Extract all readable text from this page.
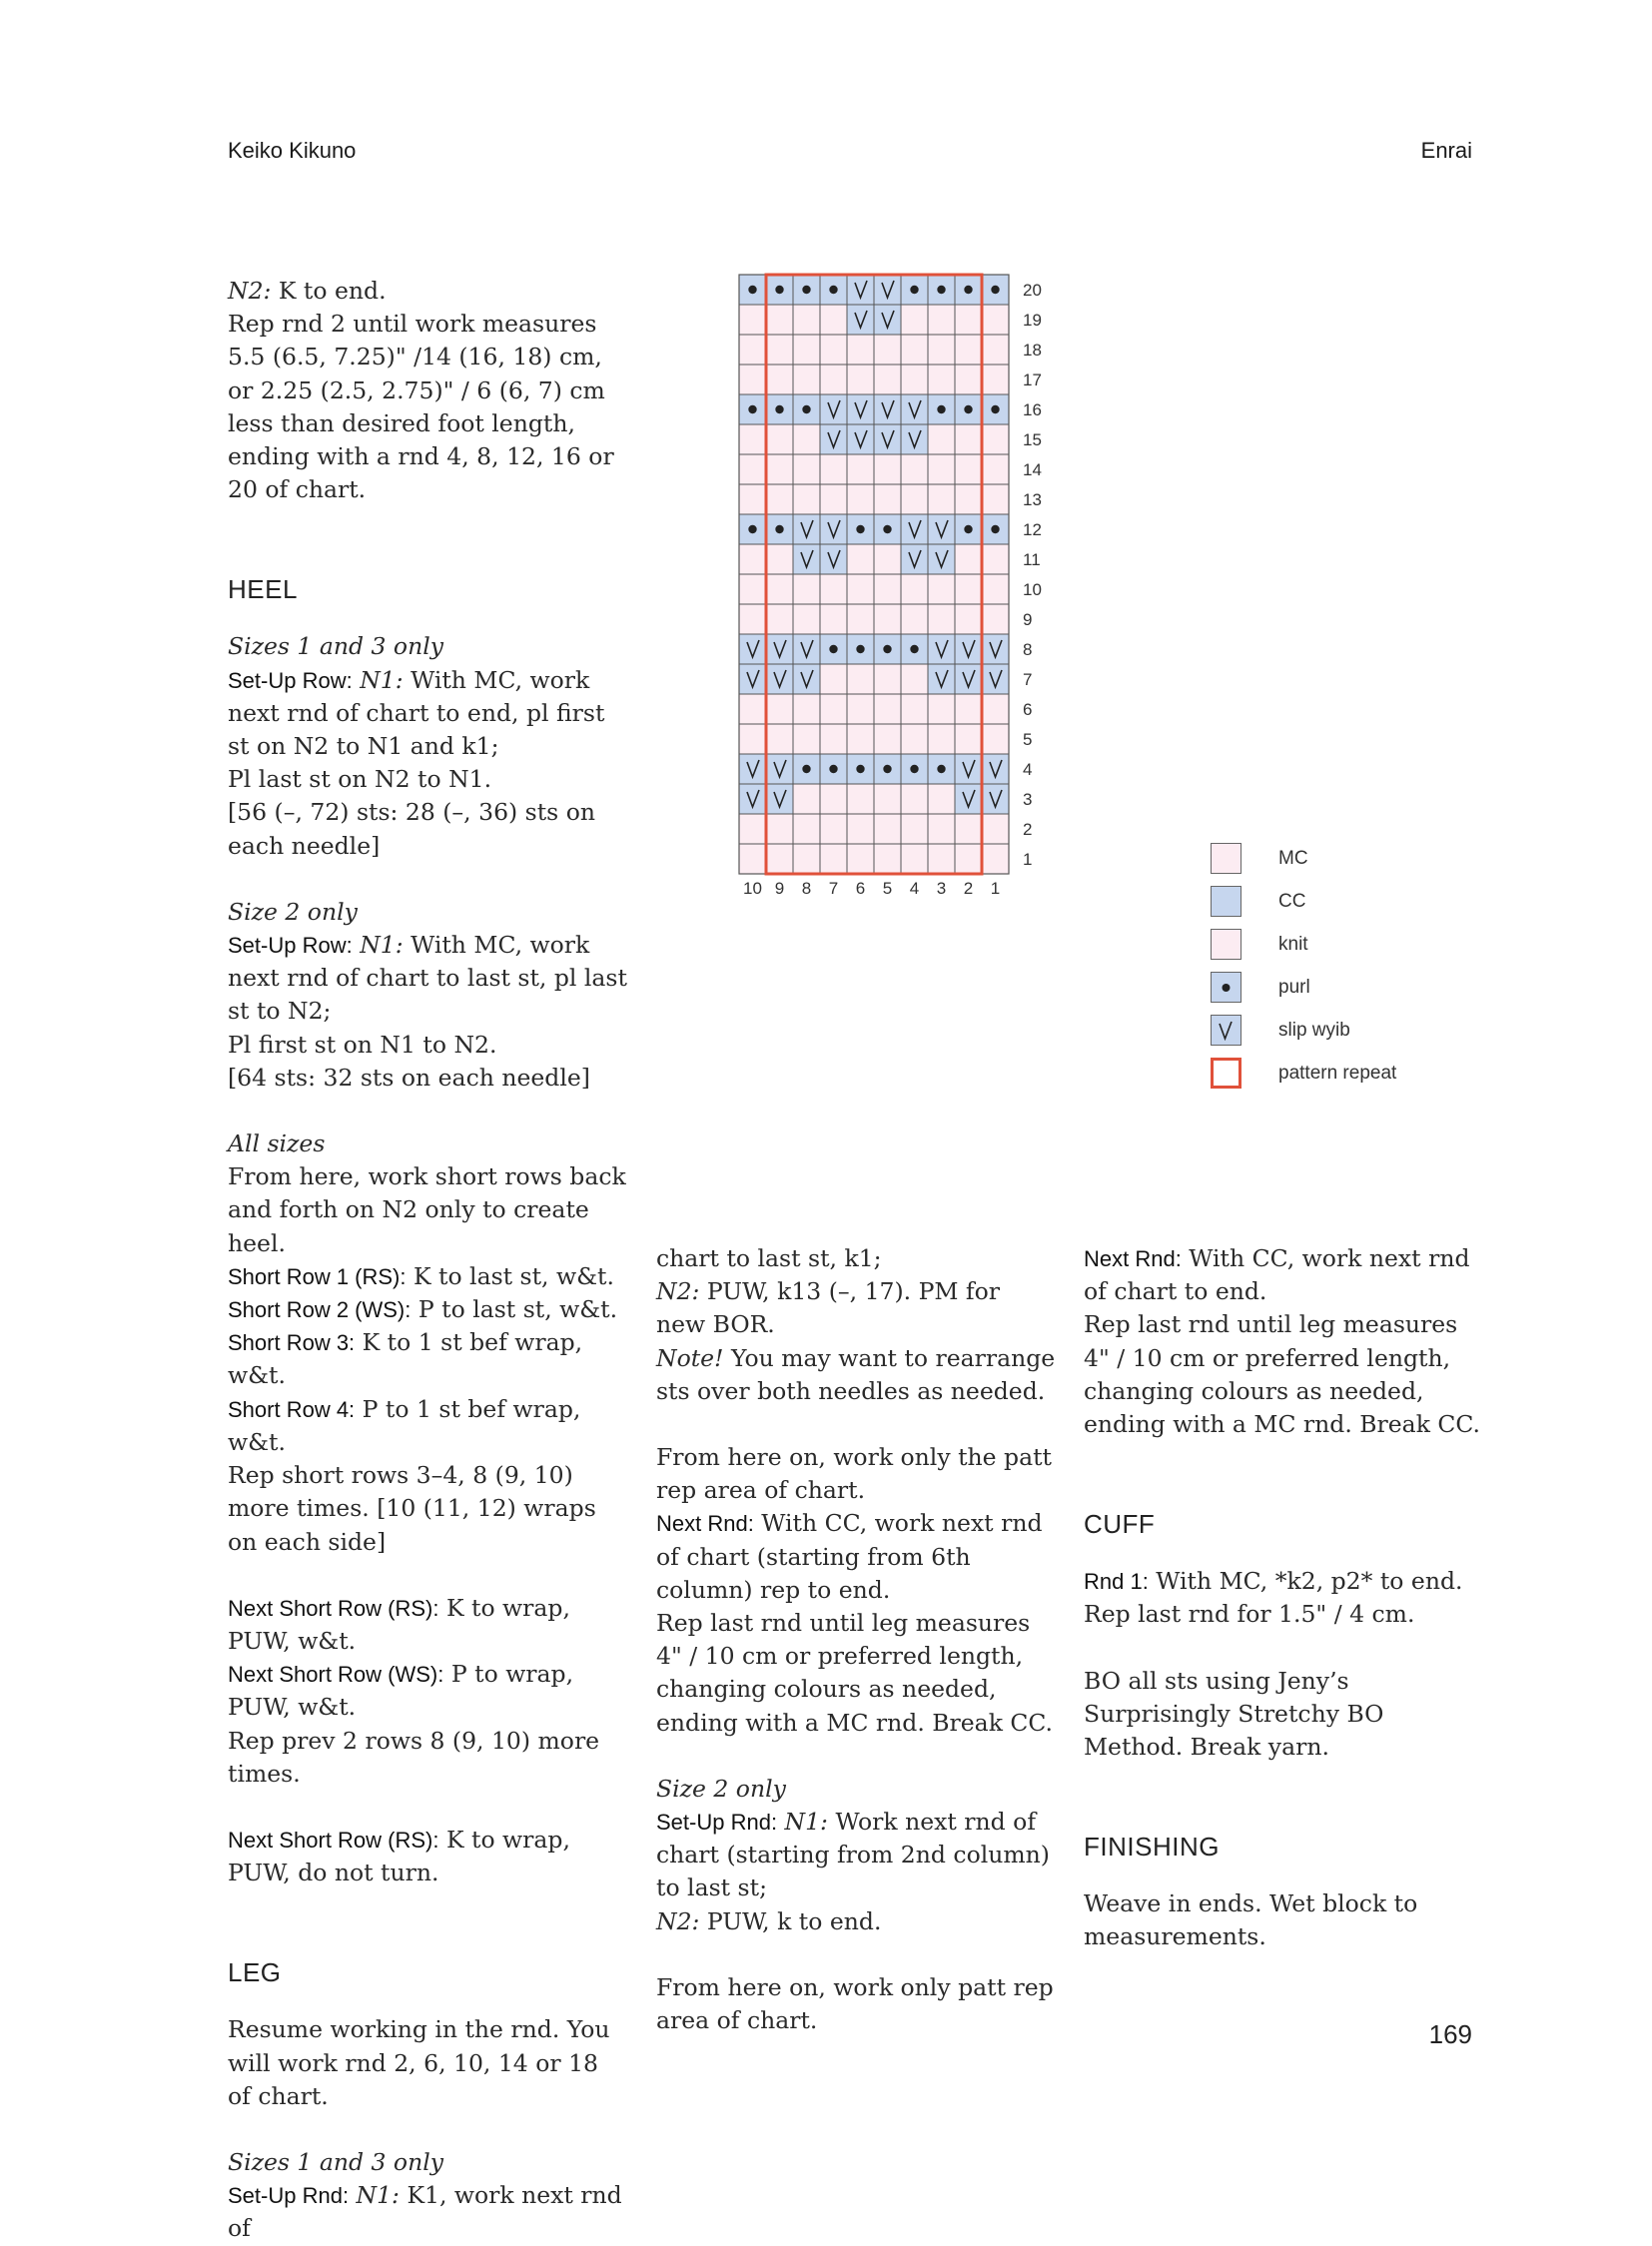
Keiko Kikuno	Enrai

N2: K to end.

Rep rnd 2 until work measures 5.5 (6.5, 7.25)" /14 (16, 18) cm, or 2.25 (2.5, 2.75)" / 6 (6, 7) cm less than desired foot length, ending with a rnd 4, 8, 12, 16 or 20 of chart.

HEEL

Sizes 1 and 3 only

Set-Up Row: N1: With MC, work next rnd of chart to end, pl first st on N2 to N1 and k1;

Pl last st on N2 to N1.

[56 (–, 72) sts: 28 (–, 36) sts on each needle]

Size 2 only

Set-Up Row: N1: With MC, work next rnd of chart to last st, pl last st to N2;

Pl first st on N1 to N2.

[64 sts: 32 sts on each needle]

All sizes

From here, work short rows back and forth on N2 only to create heel.

Short Row 1 (RS): K to last st, w&t.

Short Row 2 (WS): P to last st, w&t.

Short Row 3: K to 1 st bef wrap, w&t.

Short Row 4: P to 1 st bef wrap, w&t.

Rep short rows 3–4, 8 (9, 10) more times. [10 (11, 12) wraps on each side]

Next Short Row (RS): K to wrap, PUW, w&t.

Next Short Row (WS): P to wrap, PUW, w&t.

Rep prev 2 rows 8 (9, 10) more times.

Next Short Row (RS): K to wrap, PUW, do not turn.

LEG

Resume working in the rnd. You will work rnd 2, 6, 10, 14 or 18 of chart.

Sizes 1 and 3 only

Set-Up Rnd: N1: K1, work next rnd of

chart to last st, k1;

N2: PUW, k13 (–, 17). PM for new BOR.

Note! You may want to rearrange sts over both needles as needed.

From here on, work only the patt rep area of chart.

Next Rnd: With CC, work next rnd of chart (starting from 6th column) rep to end.

Rep last rnd until leg measures 4" / 10 cm or preferred length, changing colours as needed, ending with a MC rnd. Break CC.

Size 2 only

Set-Up Rnd: N1: Work next rnd of chart (starting from 2nd column) to last st;

N2: PUW, k to end.

From here on, work only patt rep area of chart.

Next Rnd: With CC, work next rnd of chart to end.

Rep last rnd until leg measures 4" / 10 cm or preferred length, changing colours as needed, ending with a MC rnd. Break CC.

CUFF

Rnd 1: With MC, *k2, p2* to end.

Rep last rnd for 1.5" / 4 cm.

BO all sts using Jeny’s Surprisingly Stretchy BO Method. Break yarn.

FINISHING

Weave in ends. Wet block to measurements.

20
19
18
17
16
15
14
13
12
11
10
9
8
7
6
5
4
3
2
1
10 9 8 7 6 5 4 3 2 1
MC
CC
knit
purl
slip wyib
pattern repeat
169
